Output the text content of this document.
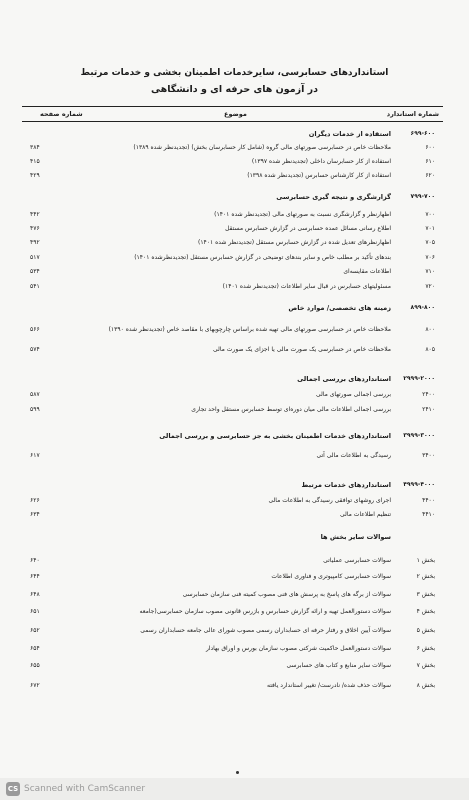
استانداردهای حسابرسی، سایرخدمات اطمینان بخشی و خدمات مرتبط
در آزمون های حرفه ای و دانشگاهی
شماره استاندارد
موضوع
شماره صفحه
۶۹۹-۶۰۰
استفاده از خدمات دیگران
۶۰۰
ملاحظات خاص در حسابرسی صورتهای مالی گروه (شامل کار حسابرسان بخش) (تجدیدنظر شده ۱۳۸۹)
۳۸۴
۶۱۰
استفاده از کار حسابرسان داخلی (تجدیدنظر شده ۱۳۹۷)
۴۱۵
۶۲۰
استفاده از کار کارشناس حسابرس (تجدیدنظر شده ۱۳۹۸)
۴۲۹
۷۹۹-۷۰۰
گزارشگری و نتیجه گیری حسابرسی
۷۰۰
اظهارنظر و گزارشگری نسبت به صورتهای مالی (تجدیدنظر شده ۱۴۰۱)
۴۴۲
۷۰۱
اطلاع رسانی مسائل عمده حسابرسی در گزارش حسابرس مستقل
۴۷۶
۷۰۵
اظهارنظرهای تعدیل شده در گزارش حسابرس مستقل (تجدیدنظر شده ۱۴۰۱)
۴۹۲
۷۰۶
بندهای تأکید بر مطلب خاص و سایر بندهای توضیحی در گزارش حسابرس مستقل (تجدیدنظرشده ۱۴۰۱)
۵۱۷
۷۱۰
اطلاعات مقایسه‌ای
۵۳۴
۷۲۰
مسئولیتهای حسابرس در قبال سایر اطلاعات (تجدیدنظر شده ۱۴۰۱)
۵۴۱
۸۹۹-۸۰۰
زمینه های تخصصی/ موارد خاص
۸۰۰
ملاحظات خاص در حسابرسی صورتهای مالی تهیه شده براساس چارچوبهای با مقاصد خاص (تجدیدنظر شده ۱۳۹۰)
۵۶۶
۸۰۵
ملاحظات خاص در حسابرسی یک صورت مالی یا اجزای یک صورت مالی
۵۷۴
۲۹۹۹-۲۰۰۰
استانداردهای بررسی اجمالی
۲۴۰۰
بررسی اجمالی صورتهای مالی
۵۸۷
۲۴۱۰
بررسی اجمالی اطلاعات مالی میان دوره‌ای توسط حسابرس مستقل واحد تجاری
۵۹۹
۳۹۹۹-۳۰۰۰
استانداردهای خدمات اطمینان بخشی به جز حسابرسی و بررسی اجمالی
۳۴۰۰
رسیدگی به اطلاعات مالی آتی
۶۱۷
۴۹۹۹-۴۰۰۰
استانداردهای خدمات مرتبط
۴۴۰۰
اجرای روشهای توافقی رسیدگی به اطلاعات مالی
۶۲۶
۴۴۱۰
تنظیم اطلاعات مالی
۶۳۴
سوالات سایر بخش ها
بخش ۱
سوالات حسابرسی عملیاتی
۶۴۰
بخش ۲
سوالات حسابرسی کامپیوتری و فناوری اطلاعات
۶۴۴
بخش ۳
سوالات از برگه های پاسخ به پرسش های فنی مصوب کمیته فنی سازمان حسابرسی
۶۴۸
بخش ۴
سوالات دستورالعمل تهیه و ارائه گزارش حسابرس و بازرس قانونی مصوب سازمان حسابرسی(جامعه
۶۵۱
بخش ۵
سوالات آیین اخلاق و رفتار حرفه ای حسابداران رسمی مصوب شورای عالی جامعه حسابداران رسمی
۶۵۲
بخش ۶
سوالات دستورالعمل حاکمیت شرکتی مصوب سازمان بورس و اوراق بهادار
۶۵۴
بخش ۷
سوالات سایر منابع و کتاب های حسابرسی
۶۵۵
بخش ۸
سوالات حذف شده/ نادرست/ تغییر استاندارد یافته
۶۷۲
CS Scanned with CamScanner
